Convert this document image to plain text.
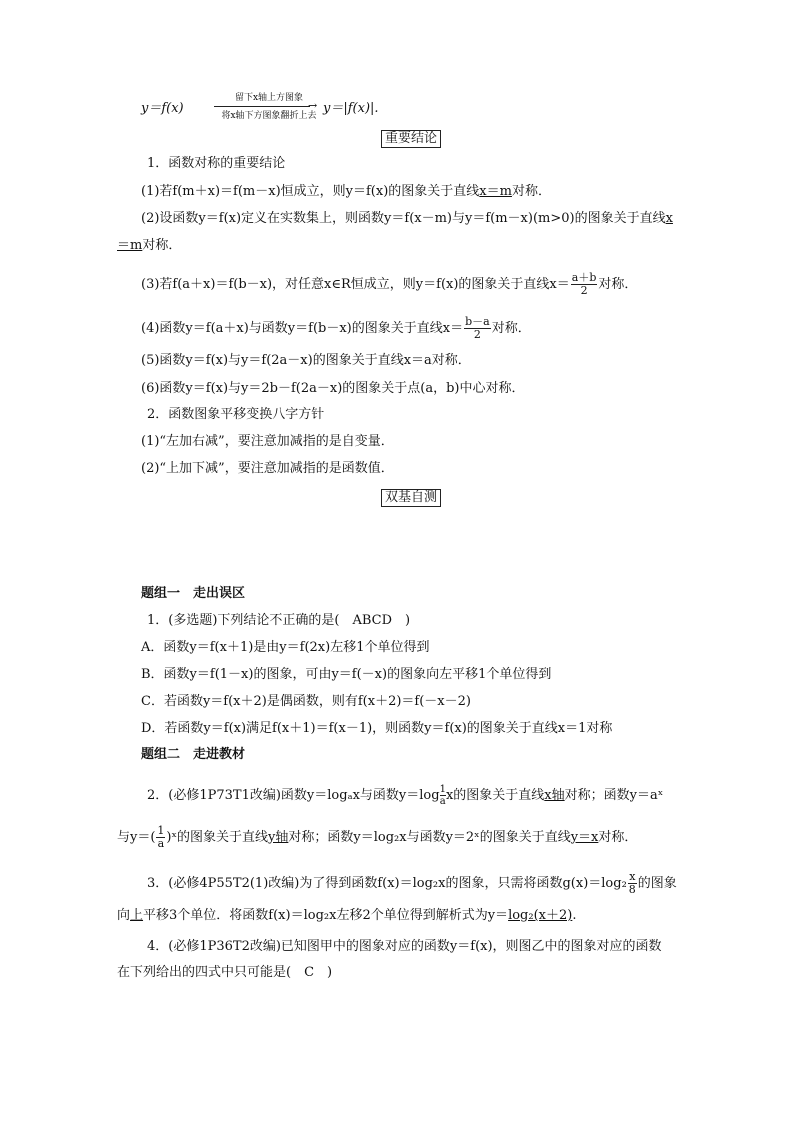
y＝f(x)
留下x轴上方图象
→
将x轴下方图象翻折上去 y＝|f(x)|.
重要结论
1．函数对称的重要结论
(1)若f(m＋x)＝f(m－x)恒成立，则y＝f(x)的图象关于直线x＝m对称．
(2)设函数y＝f(x)定义在实数集上，则函数y＝f(x－m)与y＝f(m－x)(m>0)的图象关于直线x
＝m对称．
(3)若f(a＋x)＝f(b－x)，对任意x∈R恒成立，则y＝f(x)的图象关于直线$x= \frac{a+b}{2}$ 对称．
(4)函数y＝f(a＋x)与函数y＝f(b－x)的图象关于直线$x= \frac{b-a}{2}$ 对称．
(5)函数y＝f(x)与y＝f(2a－x)的图象关于直线x＝a对称．
(6)函数y＝f(x)与y＝2b－f(2a－x)的图象关于点(a，b)中心对称．
2．函数图象平移变换八字方针
(1)“左加右减”，要注意加减指的是自变量．
(2)“上加下减”，要注意加减指的是函数值．
双基自测
题组一　走出误区
1．(多选题)下列结论不正确的是(　ABCD　)
A．函数y＝f(x＋1)是由y＝f(2x)左移1个单位得到
B．函数y＝f(1－x)的图象，可由y＝f(－x)的图象向左平移1个单位得到
C．若函数y＝f(x＋2)是偶函数，则有f(x＋2)＝f(－x－2)
D．若函数y＝f(x)满足f(x＋1)＝f(x－1)，则函数y＝f(x)的图象关于直线x＝1对称
题组二　走进教材
2．(必修1P73T1改编)函数y＝logₐx与函数$y=\log \frac{1}{a}$ x的图象关于直线x轴对称；函数y＝aˣ
与$y=( \frac{1}{a}$ )ˣ的图象关于直线y轴对称；函数y＝log₂x与函数y＝2ˣ的图象关于直线y＝x对称．
3．(必修4P55T2(1)改编)为了得到函数f(x)＝log₂x的图象，只需将函数$g(x)=\log_2 \frac{x}{8}$ 的图象
向上平移3个单位．将函数f(x)＝log₂x左移2个单位得到解析式为y＝log₂(x＋2).
4．(必修1P36T2改编)已知图甲中的图象对应的函数y＝f(x)，则图乙中的图象对应的函数
在下列给出的四式中只可能是(　C　)
